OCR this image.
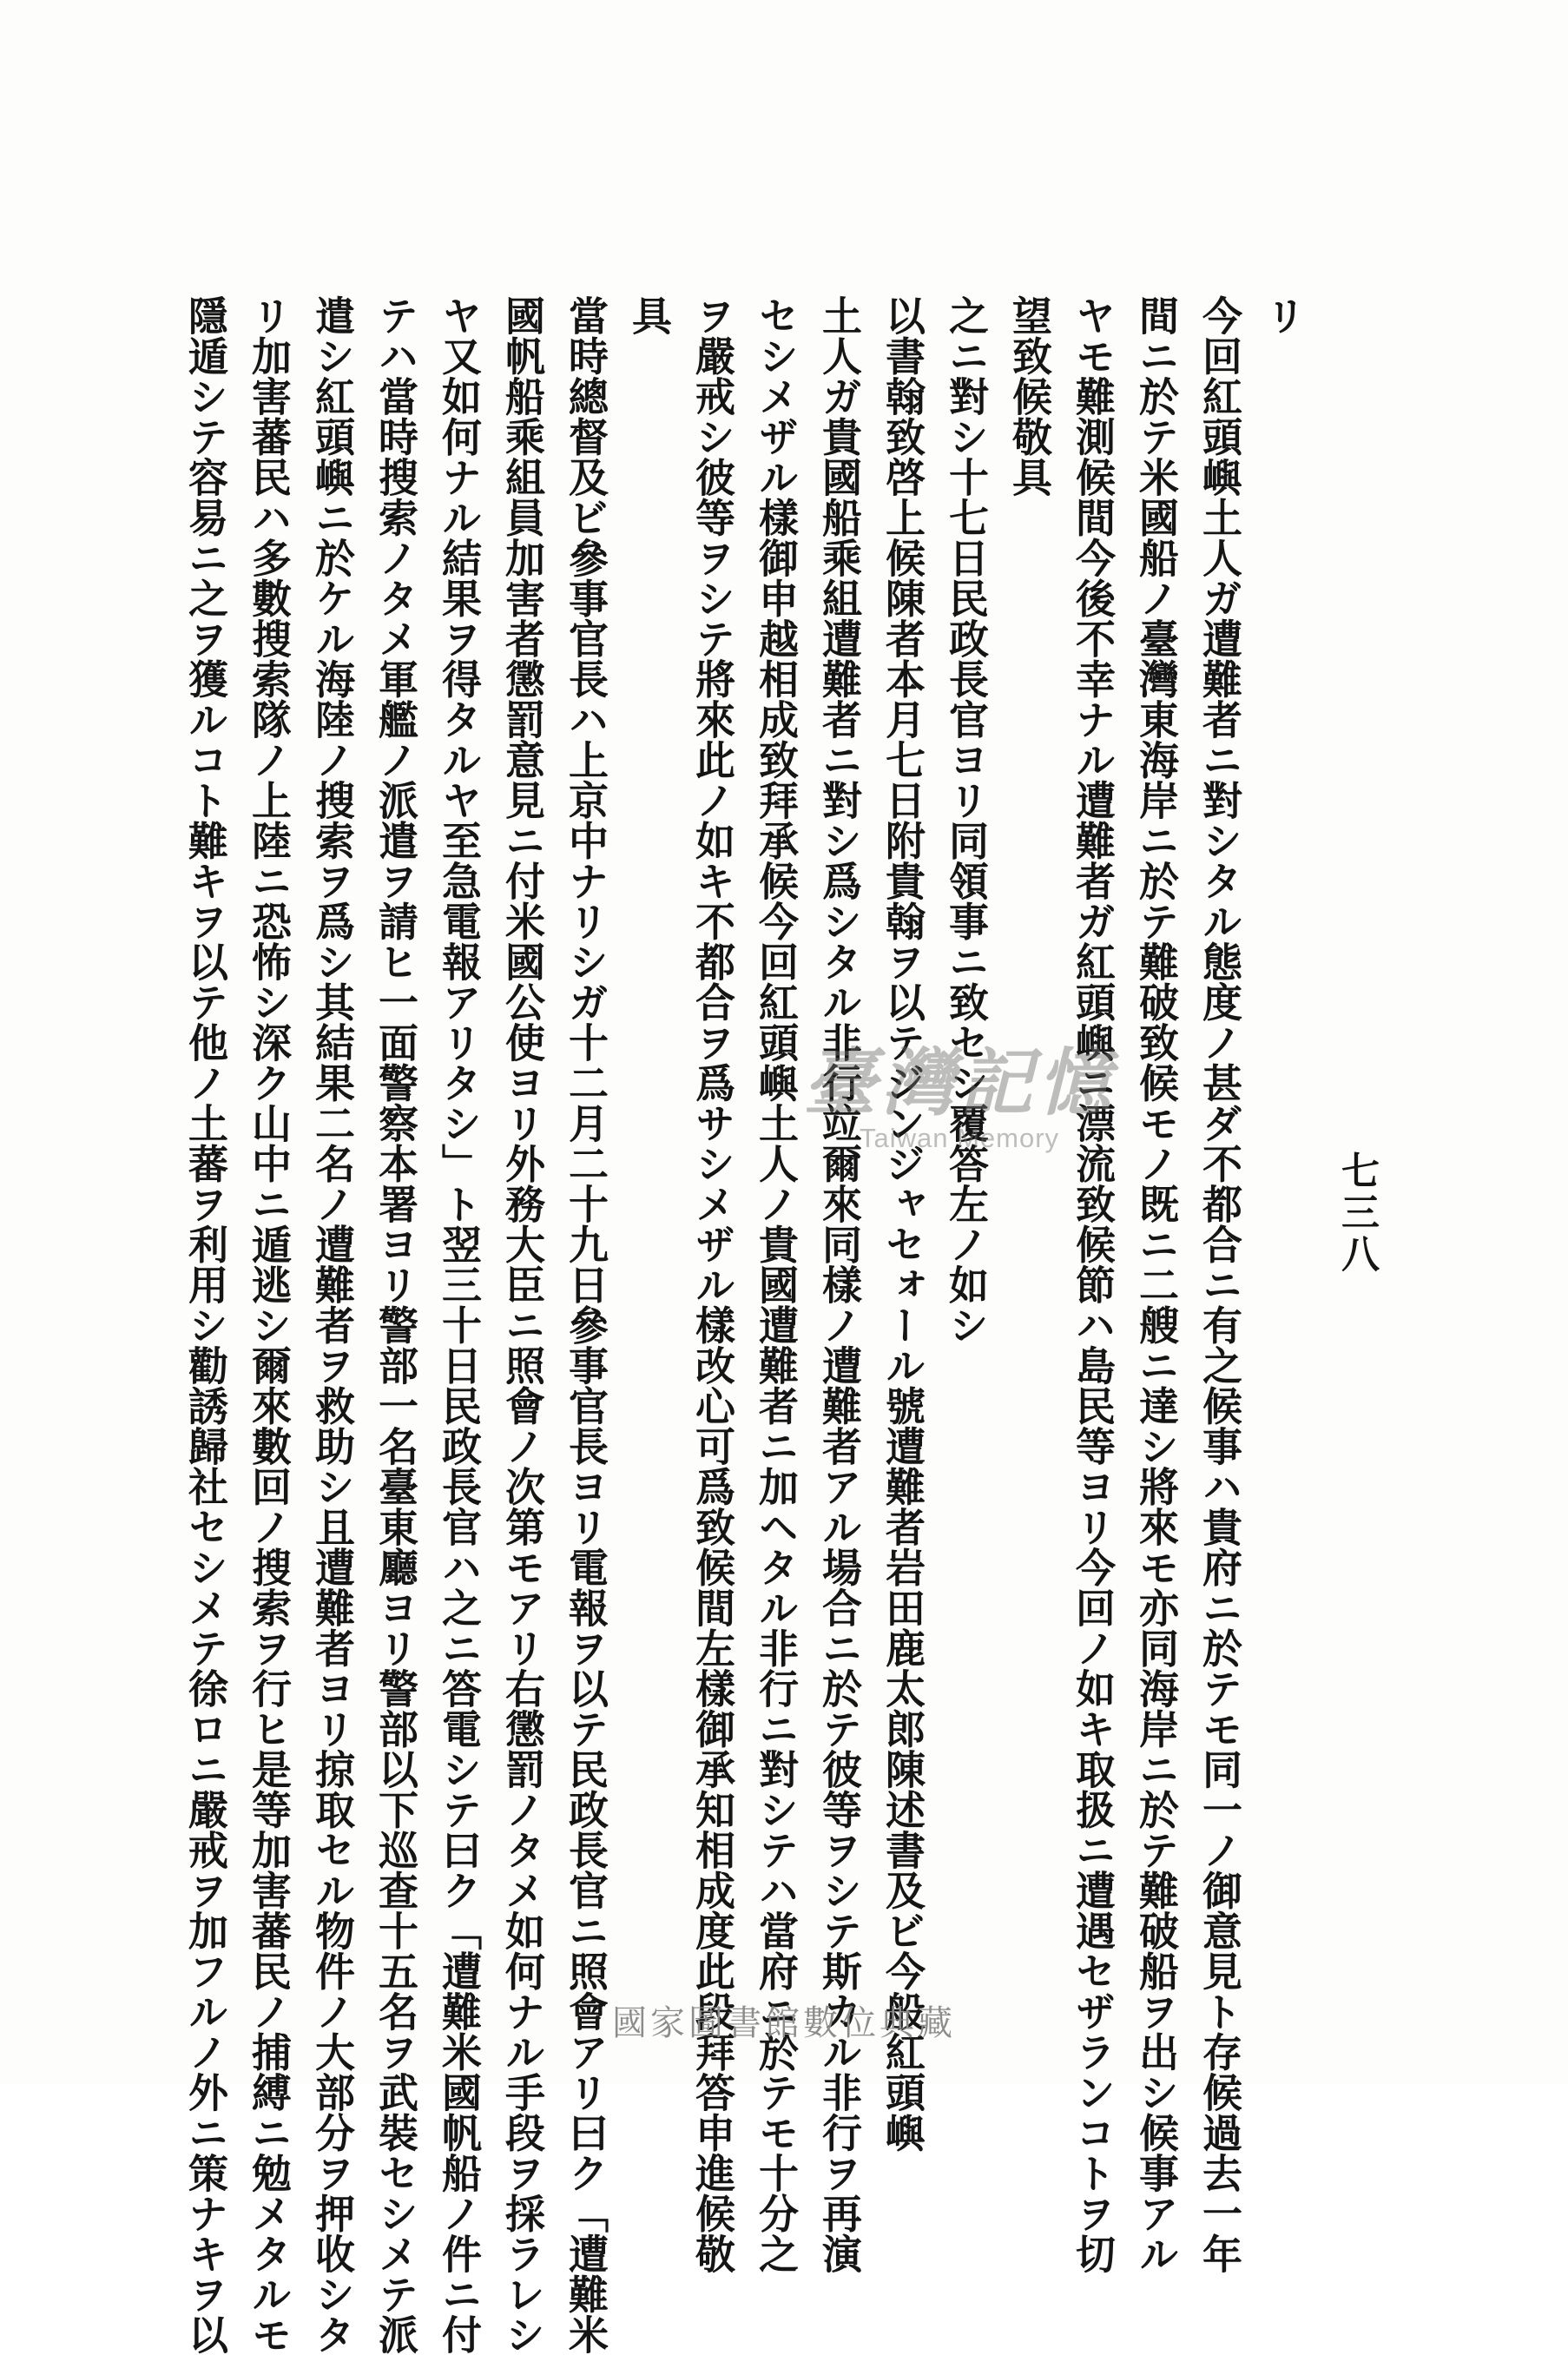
七三八
リ
今回紅頭嶼土人ガ遭難者ニ對シタル態度ノ甚ダ不都合ニ有之候事ハ貴府ニ於テモ同一ノ御意見ト存候過去一年
間ニ於テ米國船ノ臺灣東海岸ニ於テ難破致候モノ既ニ二艘ニ達シ將來モ亦同海岸ニ於テ難破船ヲ出シ候事アル
ヤモ難測候間今後不幸ナル遭難者ガ紅頭嶼ニ漂流致候節ハ島民等ヨリ今回ノ如キ取扱ニ遭遇セザランコトヲ切
望致候敬具
之ニ對シ十七日民政長官ヨリ同領事ニ致セシ覆答左ノ如シ
以書翰致啓上候陳者本月七日附貴翰ヲ以テジンジャセォール號遭難者岩田鹿太郎陳述書及ビ今般紅頭嶼
土人ガ貴國船乘組遭難者ニ對シ爲シタル非行竝爾來同樣ノ遭難者アル場合ニ於テ彼等ヲシテ斯カル非行ヲ再演
セシメザル樣御申越相成致拜承候今回紅頭嶼土人ノ貴國遭難者ニ加ヘタル非行ニ對シテハ當府ニ於テモ十分之
ヲ嚴戒シ彼等ヲシテ將來此ノ如キ不都合ヲ爲サシメザル樣改心可爲致候間左樣御承知相成度此段拜答申進候敬
具
當時總督及ビ參事官長ハ上京中ナリシガ十二月二十九日參事官長ヨリ電報ヲ以テ民政長官ニ照會アリ曰ク「遭難米
國帆船乘組員加害者懲罰意見ニ付米國公使ヨリ外務大臣ニ照會ノ次第モアリ右懲罰ノタメ如何ナル手段ヲ採ラレシ
ヤ又如何ナル結果ヲ得タルヤ至急電報アリタシ」ト翌三十日民政長官ハ之ニ答電シテ曰ク「遭難米國帆船ノ件ニ付
テハ當時搜索ノタメ軍艦ノ派遣ヲ請ヒ一面警察本署ヨリ警部一名臺東廳ヨリ警部以下巡查十五名ヲ武裝セシメテ派
遣シ紅頭嶼ニ於ケル海陸ノ搜索ヲ爲シ其結果二名ノ遭難者ヲ救助シ且遭難者ヨリ掠取セル物件ノ大部分ヲ押收シタ
リ加害蕃民ハ多數搜索隊ノ上陸ニ恐怖シ深ク山中ニ遁逃シ爾來數回ノ搜索ヲ行ヒ是等加害蕃民ノ捕縛ニ勉メタルモ
隱遁シテ容易ニ之ヲ獲ルコト難キヲ以テ他ノ土蕃ヲ利用シ勸誘歸社セシメテ徐ロニ嚴戒ヲ加フルノ外ニ策ナキヲ以	臺灣記憶
Taiwan Memory
國家圖書館數位典藏
